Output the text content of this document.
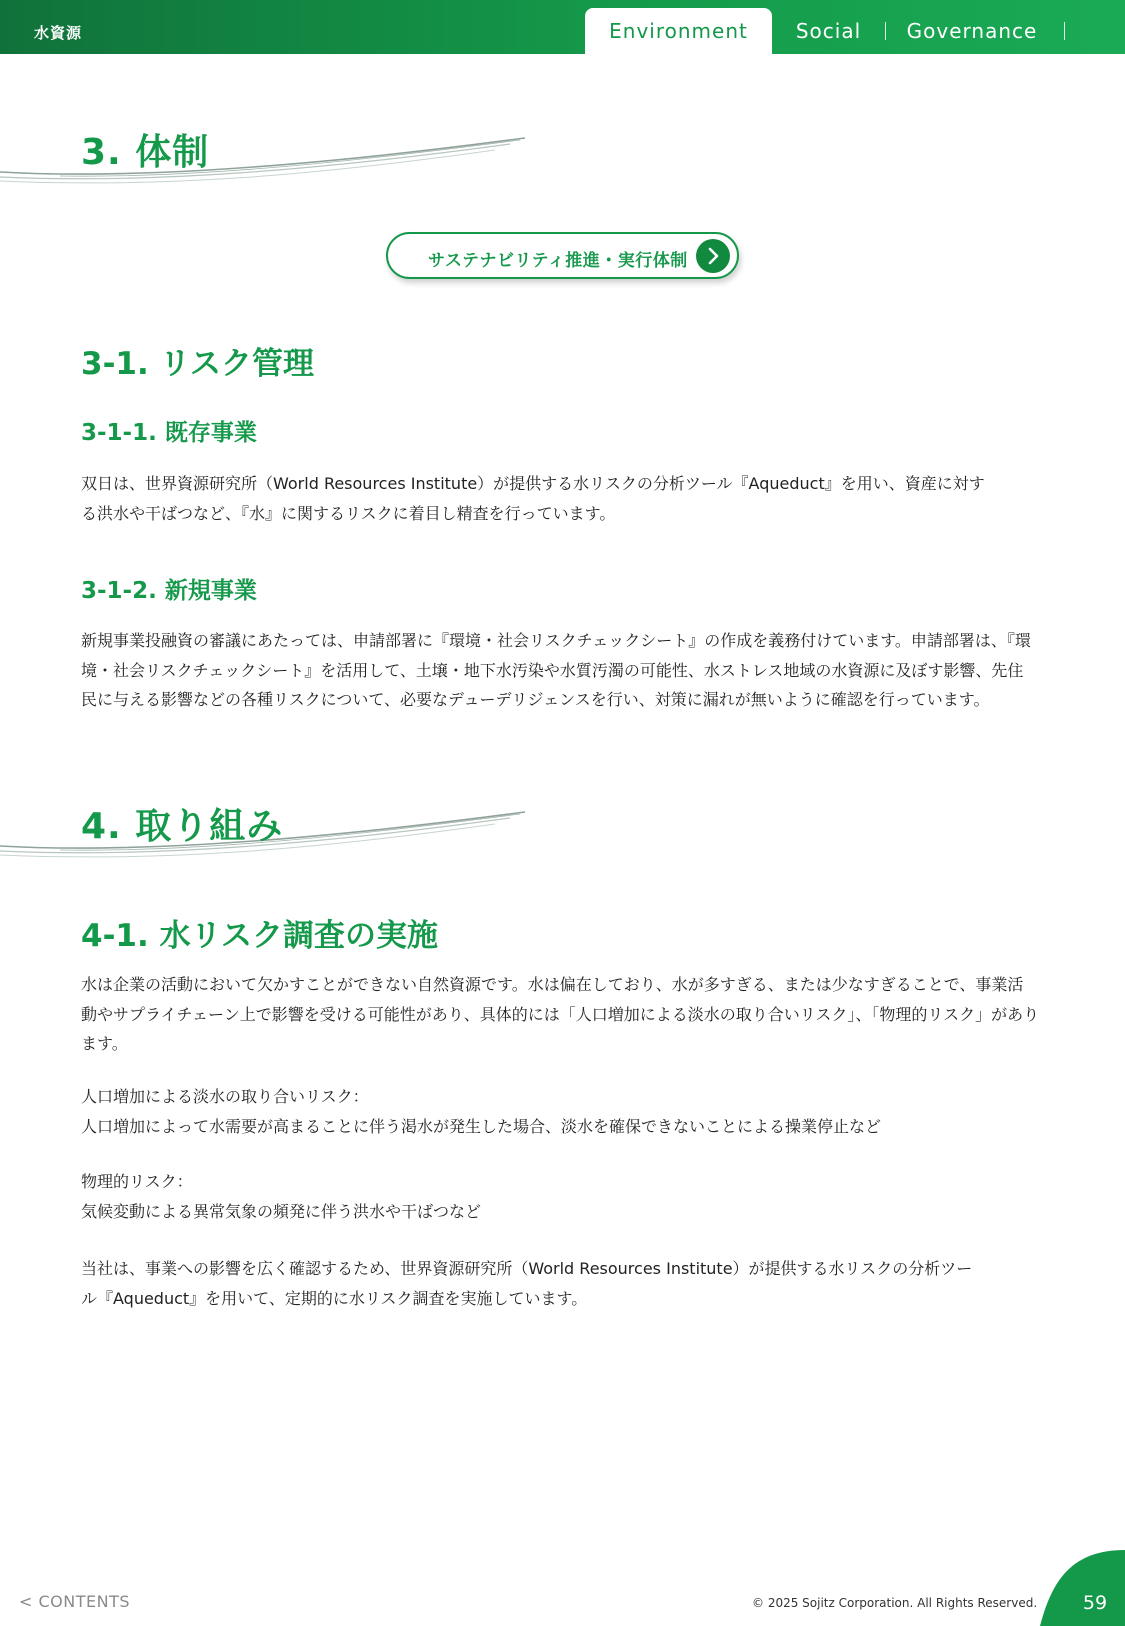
水資源	Environment	Social	Governance
3. 体制
サステナビリティ推進・実行体制
3-1. リスク管理
3-1-1. 既存事業
双日は、世界資源研究所（World Resources Institute）が提供する水リスクの分析ツール『Aqueduct』を用い、資産に対す
る洪水や干ばつなど、『水』に関するリスクに着目し精査を行っています。
3-1-2. 新規事業
新規事業投融資の審議にあたっては、申請部署に『環境・社会リスクチェックシート』の作成を義務付けています。申請部署は、『環
境・社会リスクチェックシート』を活用して、土壌・地下水汚染や水質汚濁の可能性、水ストレス地域の水資源に及ぼす影響、先住
民に与える影響などの各種リスクについて、必要なデューデリジェンスを行い、対策に漏れが無いように確認を行っています。
4. 取り組み
4-1. 水リスク調査の実施
水は企業の活動において欠かすことができない自然資源です。水は偏在しており、水が多すぎる、または少なすぎることで、事業活
動やサプライチェーン上で影響を受ける可能性があり、具体的には「人口増加による淡水の取り合いリスク」、「物理的リスク」があり
ます。
人口増加による淡水の取り合いリスク：
人口増加によって水需要が高まることに伴う渇水が発生した場合、淡水を確保できないことによる操業停止など
物理的リスク：
気候変動による異常気象の頻発に伴う洪水や干ばつなど
当社は、事業への影響を広く確認するため、世界資源研究所（World Resources Institute）が提供する水リスクの分析ツー
ル『Aqueduct』を用いて、定期的に水リスク調査を実施しています。
< CONTENTS	© 2025 Sojitz Corporation. All Rights Reserved.	59
